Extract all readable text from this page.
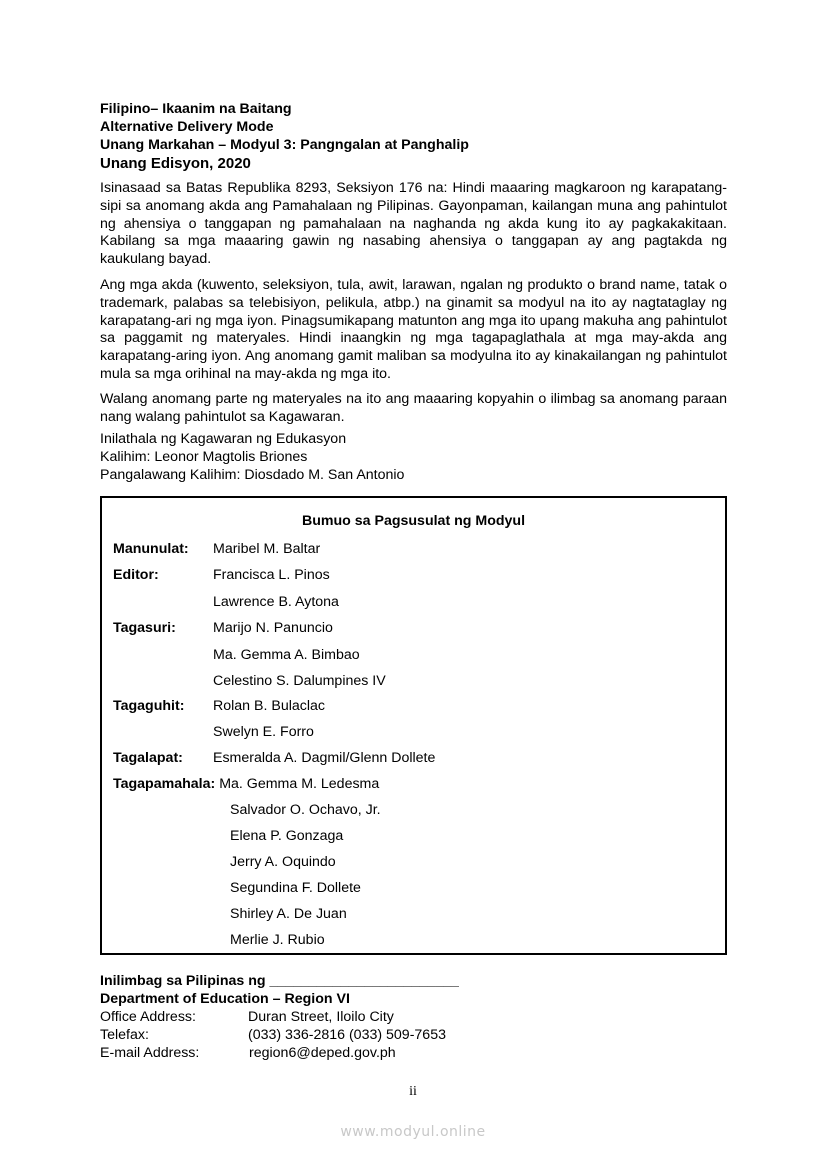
Filipino– Ikaanim na Baitang
Alternative Delivery Mode
Unang Markahan – Modyul 3: Pangngalan at Panghalip
Unang Edisyon, 2020

Isinasaad sa Batas Republika 8293, Seksiyon 176 na: Hindi maaaring magkaroon ng karapatang-sipi sa anomang akda ang Pamahalaan ng Pilipinas. Gayonpaman, kailangan muna ang pahintulot ng ahensiya o tanggapan ng pamahalaan na naghanda ng akda kung ito ay pagkakakitaan. Kabilang sa mga maaaring gawin ng nasabing ahensiya o tanggapan ay ang pagtakda ng kaukulang bayad.

Ang mga akda (kuwento, seleksiyon, tula, awit, larawan, ngalan ng produkto o brand name, tatak o trademark, palabas sa telebisiyon, pelikula, atbp.) na ginamit sa modyul na ito ay nagtataglay ng karapatang-ari ng mga iyon. Pinagsumikapang matunton ang mga ito upang makuha ang pahintulot sa paggamit ng materyales. Hindi inaangkin ng mga tagapaglathala at mga may-akda ang karapatang-aring iyon. Ang anomang gamit maliban sa modyulna ito ay kinakailangan ng pahintulot mula sa mga orihinal na may-akda ng mga ito.

Walang anomang parte ng materyales na ito ang maaaring kopyahin o ilimbag sa anomang paraan nang walang pahintulot sa Kagawaran.

Inilathala ng Kagawaran ng Edukasyon
Kalihim: Leonor Magtolis Briones
Pangalawang Kalihim: Diosdado M. San Antonio
Bumuo sa Pagsusulat ng Modyul
Manunulat: Maribel M. Baltar
Editor:	Francisca L. Pinos
Lawrence B. Aytona
Tagasuri:	Marijo N. Panuncio
Ma. Gemma A. Bimbao
Celestino S. Dalumpines IV
Tagaguhit: Rolan B. Bulaclac
Swelyn E. Forro
Tagalapat: Esmeralda A. Dagmil/Glenn Dollete
Tagapamahala: Ma. Gemma M. Ledesma
Salvador O. Ochavo, Jr.
Elena P. Gonzaga
Jerry A. Oquindo
Segundina F. Dollete
Shirley A. De Juan
Merlie J. Rubio
Inilimbag sa Pilipinas ng ________________________
Department of Education – Region VI
Office Address:	Duran Street, Iloilo City
Telefax:	(033) 336-2816 (033) 509-7653
E-mail Address:	region6@deped.gov.ph
ii
www.modyul.online
